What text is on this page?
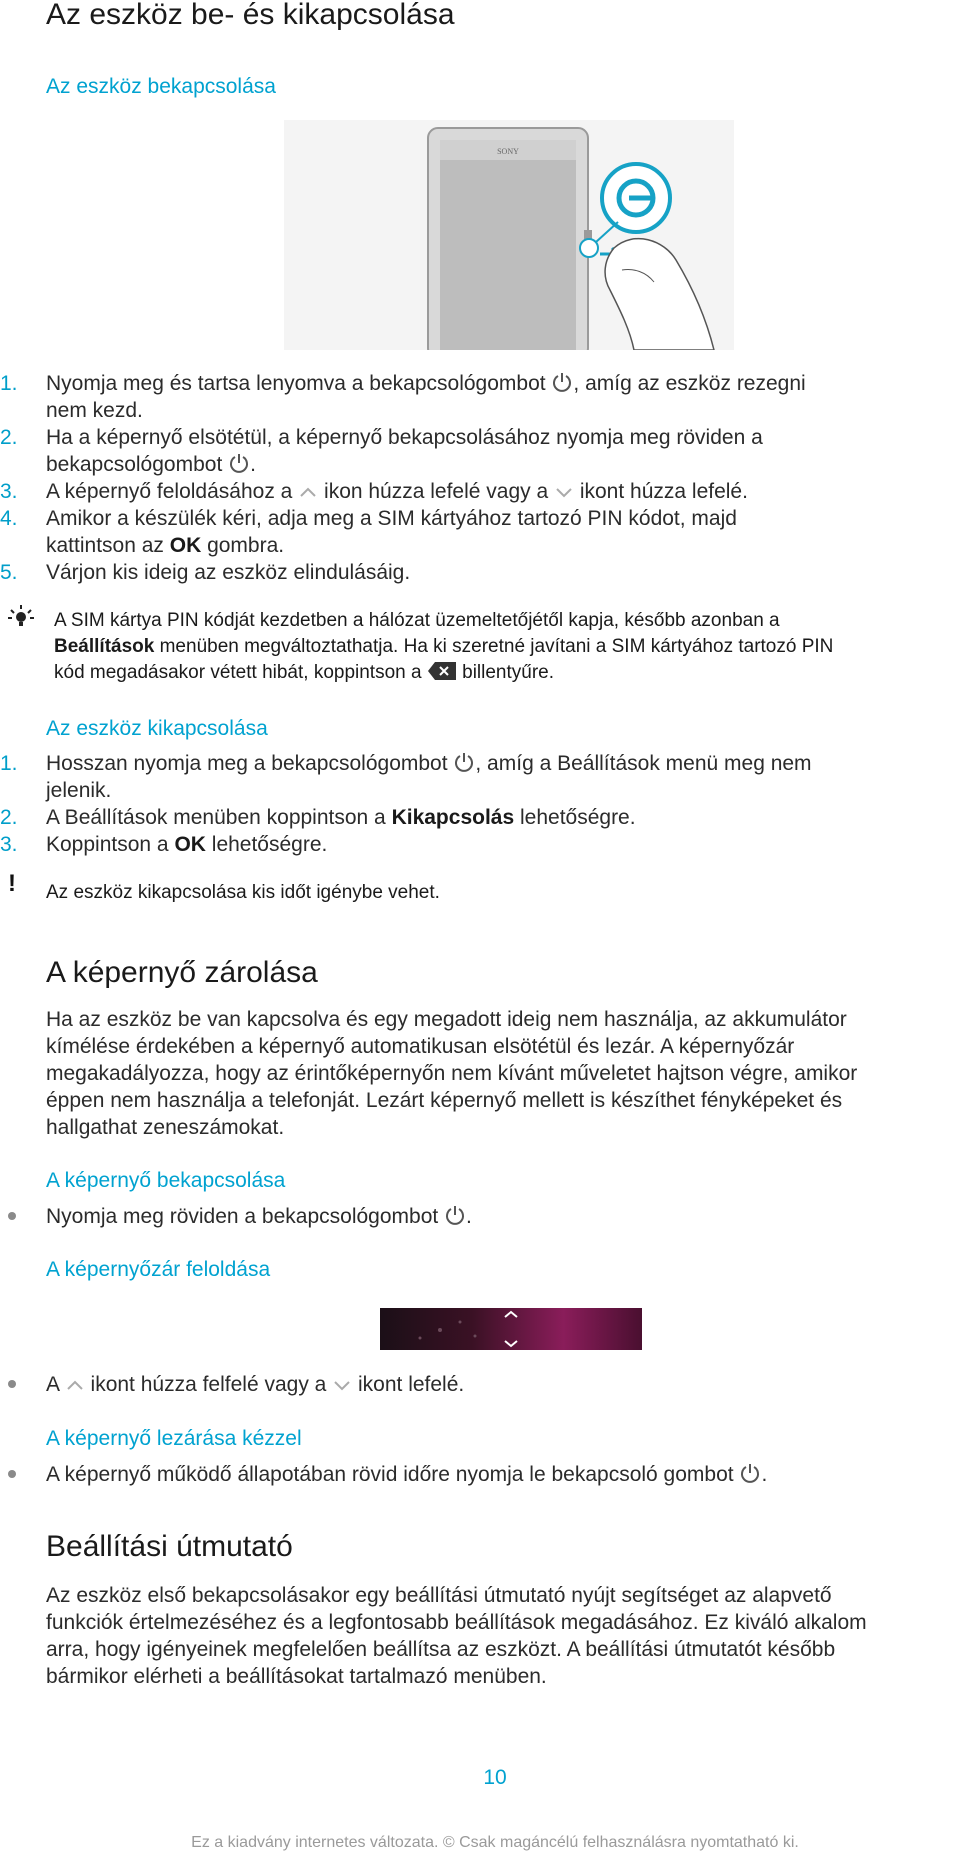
Az eszköz be- és kikapcsolása
Az eszköz bekapcsolása
SONY
1. Nyomja meg és tartsa lenyomva a bekapcsológombot , amíg az eszköz rezegni
nem kezd.
2. Ha a képernyő elsötétül, a képernyő bekapcsolásához nyomja meg röviden a
bekapcsológombot .
3. A képernyő feloldásához a  ikon húzza lefelé vagy a  ikont húzza lefelé.
4. Amikor a készülék kéri, adja meg a SIM kártyához tartozó PIN kódot, majd
kattintson az OK gombra.
5. Várjon kis ideig az eszköz elindulásáig.
A SIM kártya PIN kódját kezdetben a hálózat üzemeltetőjétől kapja, később azonban a
Beállítások menüben megváltoztathatja. Ha ki szeretné javítani a SIM kártyához tartozó PIN
kód megadásakor vétett hibát, koppintson a  billentyűre.
Az eszköz kikapcsolása
1. Hosszan nyomja meg a bekapcsológombot , amíg a Beállítások menü meg nem
jelenik.
2. A Beállítások menüben koppintson a Kikapcsolás lehetőségre.
3. Koppintson a OK lehetőségre.
! Az eszköz kikapcsolása kis időt igénybe vehet.
A képernyő zárolása
Ha az eszköz be van kapcsolva és egy megadott ideig nem használja, az akkumulátor
kímélése érdekében a képernyő automatikusan elsötétül és lezár. A képernyőzár
megakadályozza, hogy az érintőképernyőn nem kívánt műveletet hajtson végre, amikor
éppen nem használja a telefonját. Lezárt képernyő mellett is készíthet fényképeket és
hallgathat zeneszámokat.
A képernyő bekapcsolása
Nyomja meg röviden a bekapcsológombot .
A képernyőzár feloldása
A  ikont húzza felfelé vagy a  ikont lefelé.
A képernyő lezárása kézzel
A képernyő működő állapotában rövid időre nyomja le bekapcsoló gombot .
Beállítási útmutató
Az eszköz első bekapcsolásakor egy beállítási útmutató nyújt segítséget az alapvető
funkciók értelmezéséhez és a legfontosabb beállítások megadásához. Ez kiváló alkalom
arra, hogy igényeinek megfelelően beállítsa az eszközt. A beállítási útmutatót később
bármikor elérheti a beállításokat tartalmazó menüben.
10
Ez a kiadvány internetes változata. © Csak magáncélú felhasználásra nyomtatható ki.
